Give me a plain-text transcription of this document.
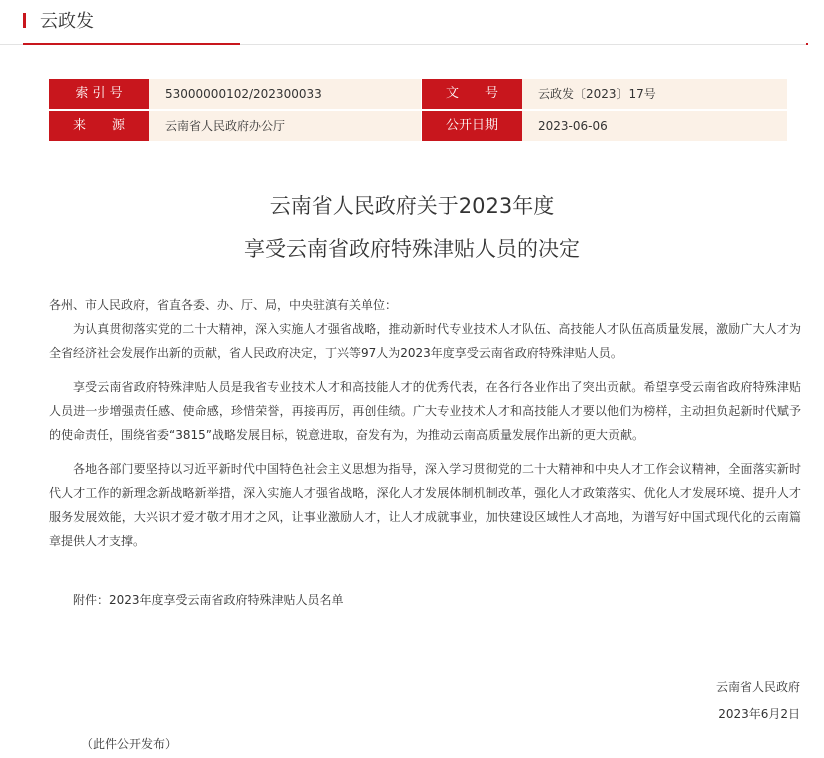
云政发
索 引 号	53000000102/202300033	文　　号	云政发〔2023〕17号
来　　源	云南省人民政府办公厅	公开日期	2023-06-06
云南省人民政府关于2023年度
享受云南省政府特殊津贴人员的决定

各州、市人民政府，省直各委、办、厅、局，中央驻滇有关单位：

为认真贯彻落实党的二十大精神，深入实施人才强省战略，推动新时代专业技术人才队伍、高技能人才队伍高质量发展，激励广大人才为全省经济社会发展作出新的贡献，省人民政府决定，丁兴等97人为2023年度享受云南省政府特殊津贴人员。

享受云南省政府特殊津贴人员是我省专业技术人才和高技能人才的优秀代表，在各行各业作出了突出贡献。希望享受云南省政府特殊津贴人员进一步增强责任感、使命感，珍惜荣誉，再接再厉，再创佳绩。广大专业技术人才和高技能人才要以他们为榜样，主动担负起新时代赋予的使命责任，围绕省委“3815”战略发展目标，锐意进取，奋发有为，为推动云南高质量发展作出新的更大贡献。

各地各部门要坚持以习近平新时代中国特色社会主义思想为指导，深入学习贯彻党的二十大精神和中央人才工作会议精神，全面落实新时代人才工作的新理念新战略新举措，深入实施人才强省战略，深化人才发展体制机制改革，强化人才政策落实、优化人才发展环境、提升人才服务发展效能，大兴识才爱才敬才用才之风，让事业激励人才，让人才成就事业，加快建设区域性人才高地，为谱写好中国式现代化的云南篇章提供人才支撑。

附件：2023年度享受云南省政府特殊津贴人员名单

云南省人民政府
2023年6月2日
（此件公开发布）
